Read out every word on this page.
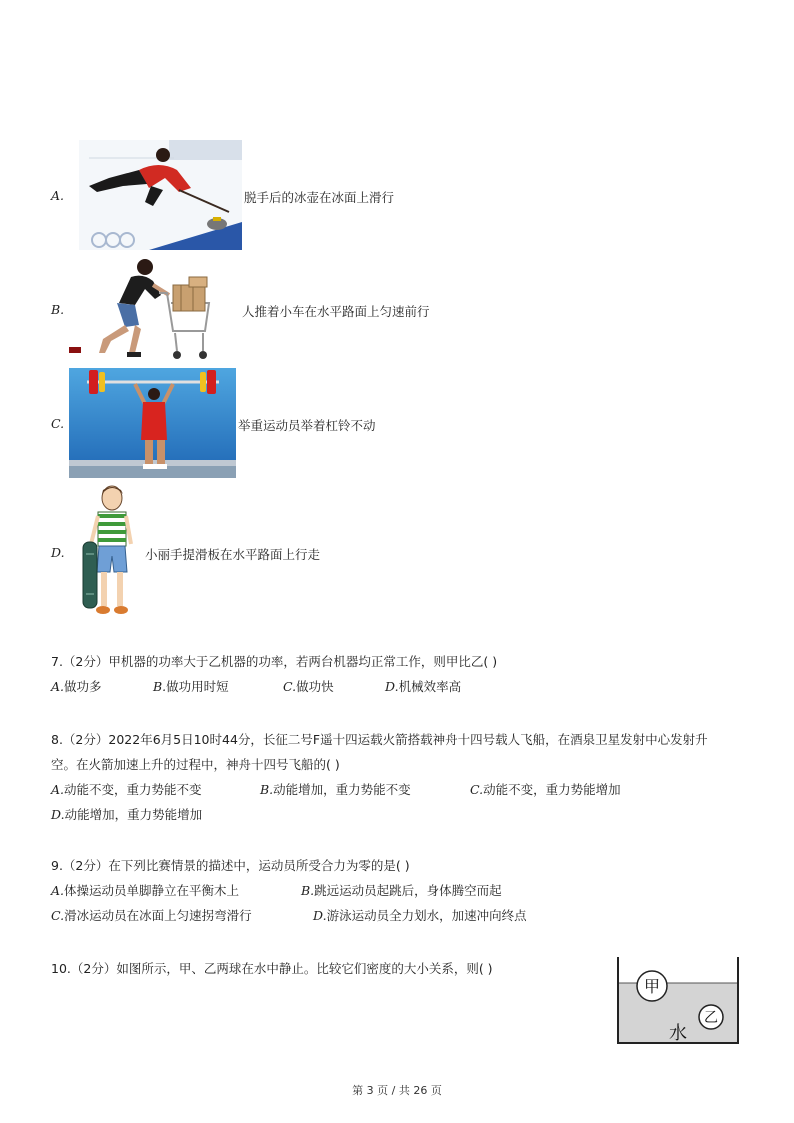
A.	脱手后的冰壶在冰面上滑行
B.	人推着小车在水平路面上匀速前行
C.	举重运动员举着杠铃不动
D.	小丽手提滑板在水平路面上行走
7.（2分）甲机器的功率大于乙机器的功率，若两台机器均正常工作，则甲比乙( )
A.做功多	B.做功用时短	C.做功快	D.机械效率高
8.（2分）2022年6月5日10时44分，长征二号F遥十四运载火箭搭载神舟十四号载人飞船，在酒泉卫星发射中心发射升
空。在火箭加速上升的过程中，神舟十四号飞船的( )
A.动能不变，重力势能不变	B.动能增加，重力势能不变	C.动能不变，重力势能增加
D.动能增加，重力势能增加
9.（2分）在下列比赛情景的描述中，运动员所受合力为零的是( )
A.体操运动员单脚静立在平衡木上	B.跳远运动员起跳后，身体腾空而起
C.滑冰运动员在冰面上匀速拐弯滑行	D.游泳运动员全力划水，加速冲向终点
10.（2分）如图所示，甲、乙两球在水中静止。比较它们密度的大小关系，则( )
甲
乙
水
第 3 页 / 共 26 页
